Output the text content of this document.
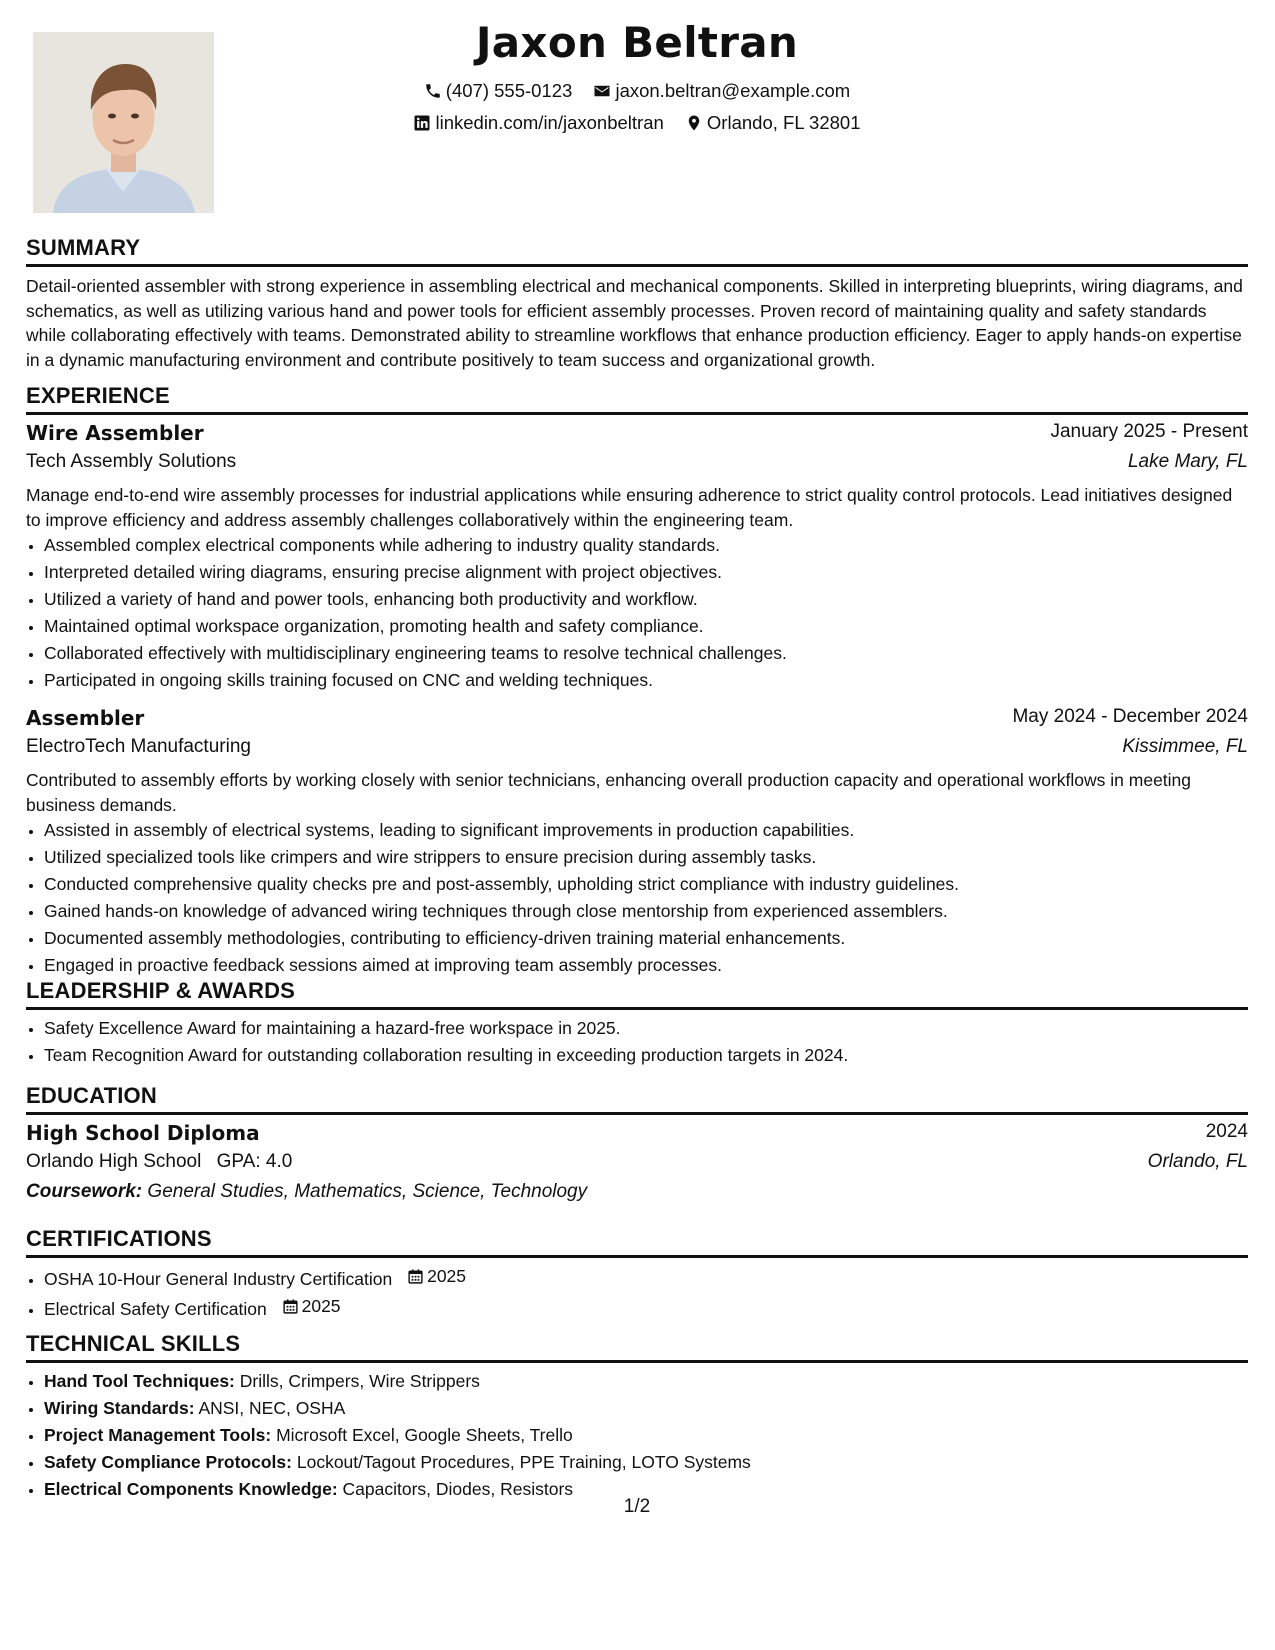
Jaxon Beltran
(407) 555-0123
jaxon.beltran@example.com
linkedin.com/in/jaxonbeltran
Orlando, FL 32801
SUMMARY
Detail-oriented assembler with strong experience in assembling electrical and mechanical components. Skilled in interpreting blueprints, wiring diagrams, and schematics, as well as utilizing various hand and power tools for efficient assembly processes. Proven record of maintaining quality and safety standards while collaborating effectively with teams. Demonstrated ability to streamline workflows that enhance production efficiency. Eager to apply hands-on expertise in a dynamic manufacturing environment and contribute positively to team success and organizational growth.
EXPERIENCE
Wire Assembler	January 2025 - Present
Tech Assembly Solutions	Lake Mary, FL
Manage end-to-end wire assembly processes for industrial applications while ensuring adherence to strict quality control protocols. Lead initiatives designed to improve efficiency and address assembly challenges collaboratively within the engineering team.
• Assembled complex electrical components while adhering to industry quality standards.
• Interpreted detailed wiring diagrams, ensuring precise alignment with project objectives.
• Utilized a variety of hand and power tools, enhancing both productivity and workflow.
• Maintained optimal workspace organization, promoting health and safety compliance.
• Collaborated effectively with multidisciplinary engineering teams to resolve technical challenges.
• Participated in ongoing skills training focused on CNC and welding techniques.
Assembler	May 2024 - December 2024
ElectroTech Manufacturing	Kissimmee, FL
Contributed to assembly efforts by working closely with senior technicians, enhancing overall production capacity and operational workflows in meeting business demands.
• Assisted in assembly of electrical systems, leading to significant improvements in production capabilities.
• Utilized specialized tools like crimpers and wire strippers to ensure precision during assembly tasks.
• Conducted comprehensive quality checks pre and post-assembly, upholding strict compliance with industry guidelines.
• Gained hands-on knowledge of advanced wiring techniques through close mentorship from experienced assemblers.
• Documented assembly methodologies, contributing to efficiency-driven training material enhancements.
• Engaged in proactive feedback sessions aimed at improving team assembly processes.
LEADERSHIP & AWARDS
• Safety Excellence Award for maintaining a hazard-free workspace in 2025.
• Team Recognition Award for outstanding collaboration resulting in exceeding production targets in 2024.
EDUCATION
High School Diploma	2024
Orlando High School GPA: 4.0	Orlando, FL
Coursework: General Studies, Mathematics, Science, Technology
CERTIFICATIONS
• OSHA 10-Hour General Industry Certification 2025
• Electrical Safety Certification 2025
TECHNICAL SKILLS
• Hand Tool Techniques: Drills, Crimpers, Wire Strippers
• Wiring Standards: ANSI, NEC, OSHA
• Project Management Tools: Microsoft Excel, Google Sheets, Trello
• Safety Compliance Protocols: Lockout/Tagout Procedures, PPE Training, LOTO Systems
• Electrical Components Knowledge: Capacitors, Diodes, Resistors
1/2
